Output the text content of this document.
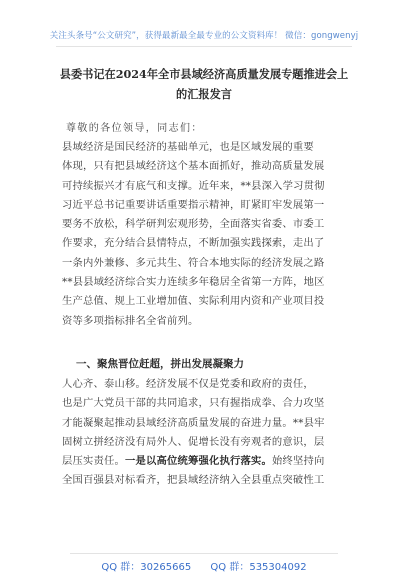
关注头条号“公文研究”，获得最新最全最专业的公文资料库！ 微信：gongwenyj
县委书记在2024年全市县域经济高质量发展专题推进会上
的汇报发言
尊敬的各位领导，同志们：
县域经济是国民经济的基础单元，也是区域发展的重要
体现，只有把县域经济这个基本面抓好，推动高质量发展
可持续振兴才有底气和支撑。近年来，**县深入学习贯彻
习近平总书记重要讲话重要指示精神，盯紧盯牢发展第一
要务不放松，科学研判宏观形势，全面落实省委、市委工
作要求，充分结合县情特点，不断加强实践探索，走出了
一条内外兼修、多元共生、符合本地实际的经济发展之路
**县县域经济综合实力连续多年稳居全省第一方阵，地区
生产总值、规上工业增加值、实际利用内资和产业项目投
资等多项指标排名全省前列。
一、聚焦晋位赶超，拼出发展凝聚力
人心齐、泰山移。经济发展不仅是党委和政府的责任，
也是广大党员干部的共同追求，只有握指成拳、合力攻坚
才能凝聚起推动县域经济高质量发展的奋进力量。**县牢
固树立拼经济没有局外人、促增长没有旁观者的意识，层
层压实责任。一是以高位统筹强化执行落实。始终坚持向
全国百强县对标看齐，把县域经济纳入全县重点突破性工
QQ 群：30265665 QQ 群：535304092
